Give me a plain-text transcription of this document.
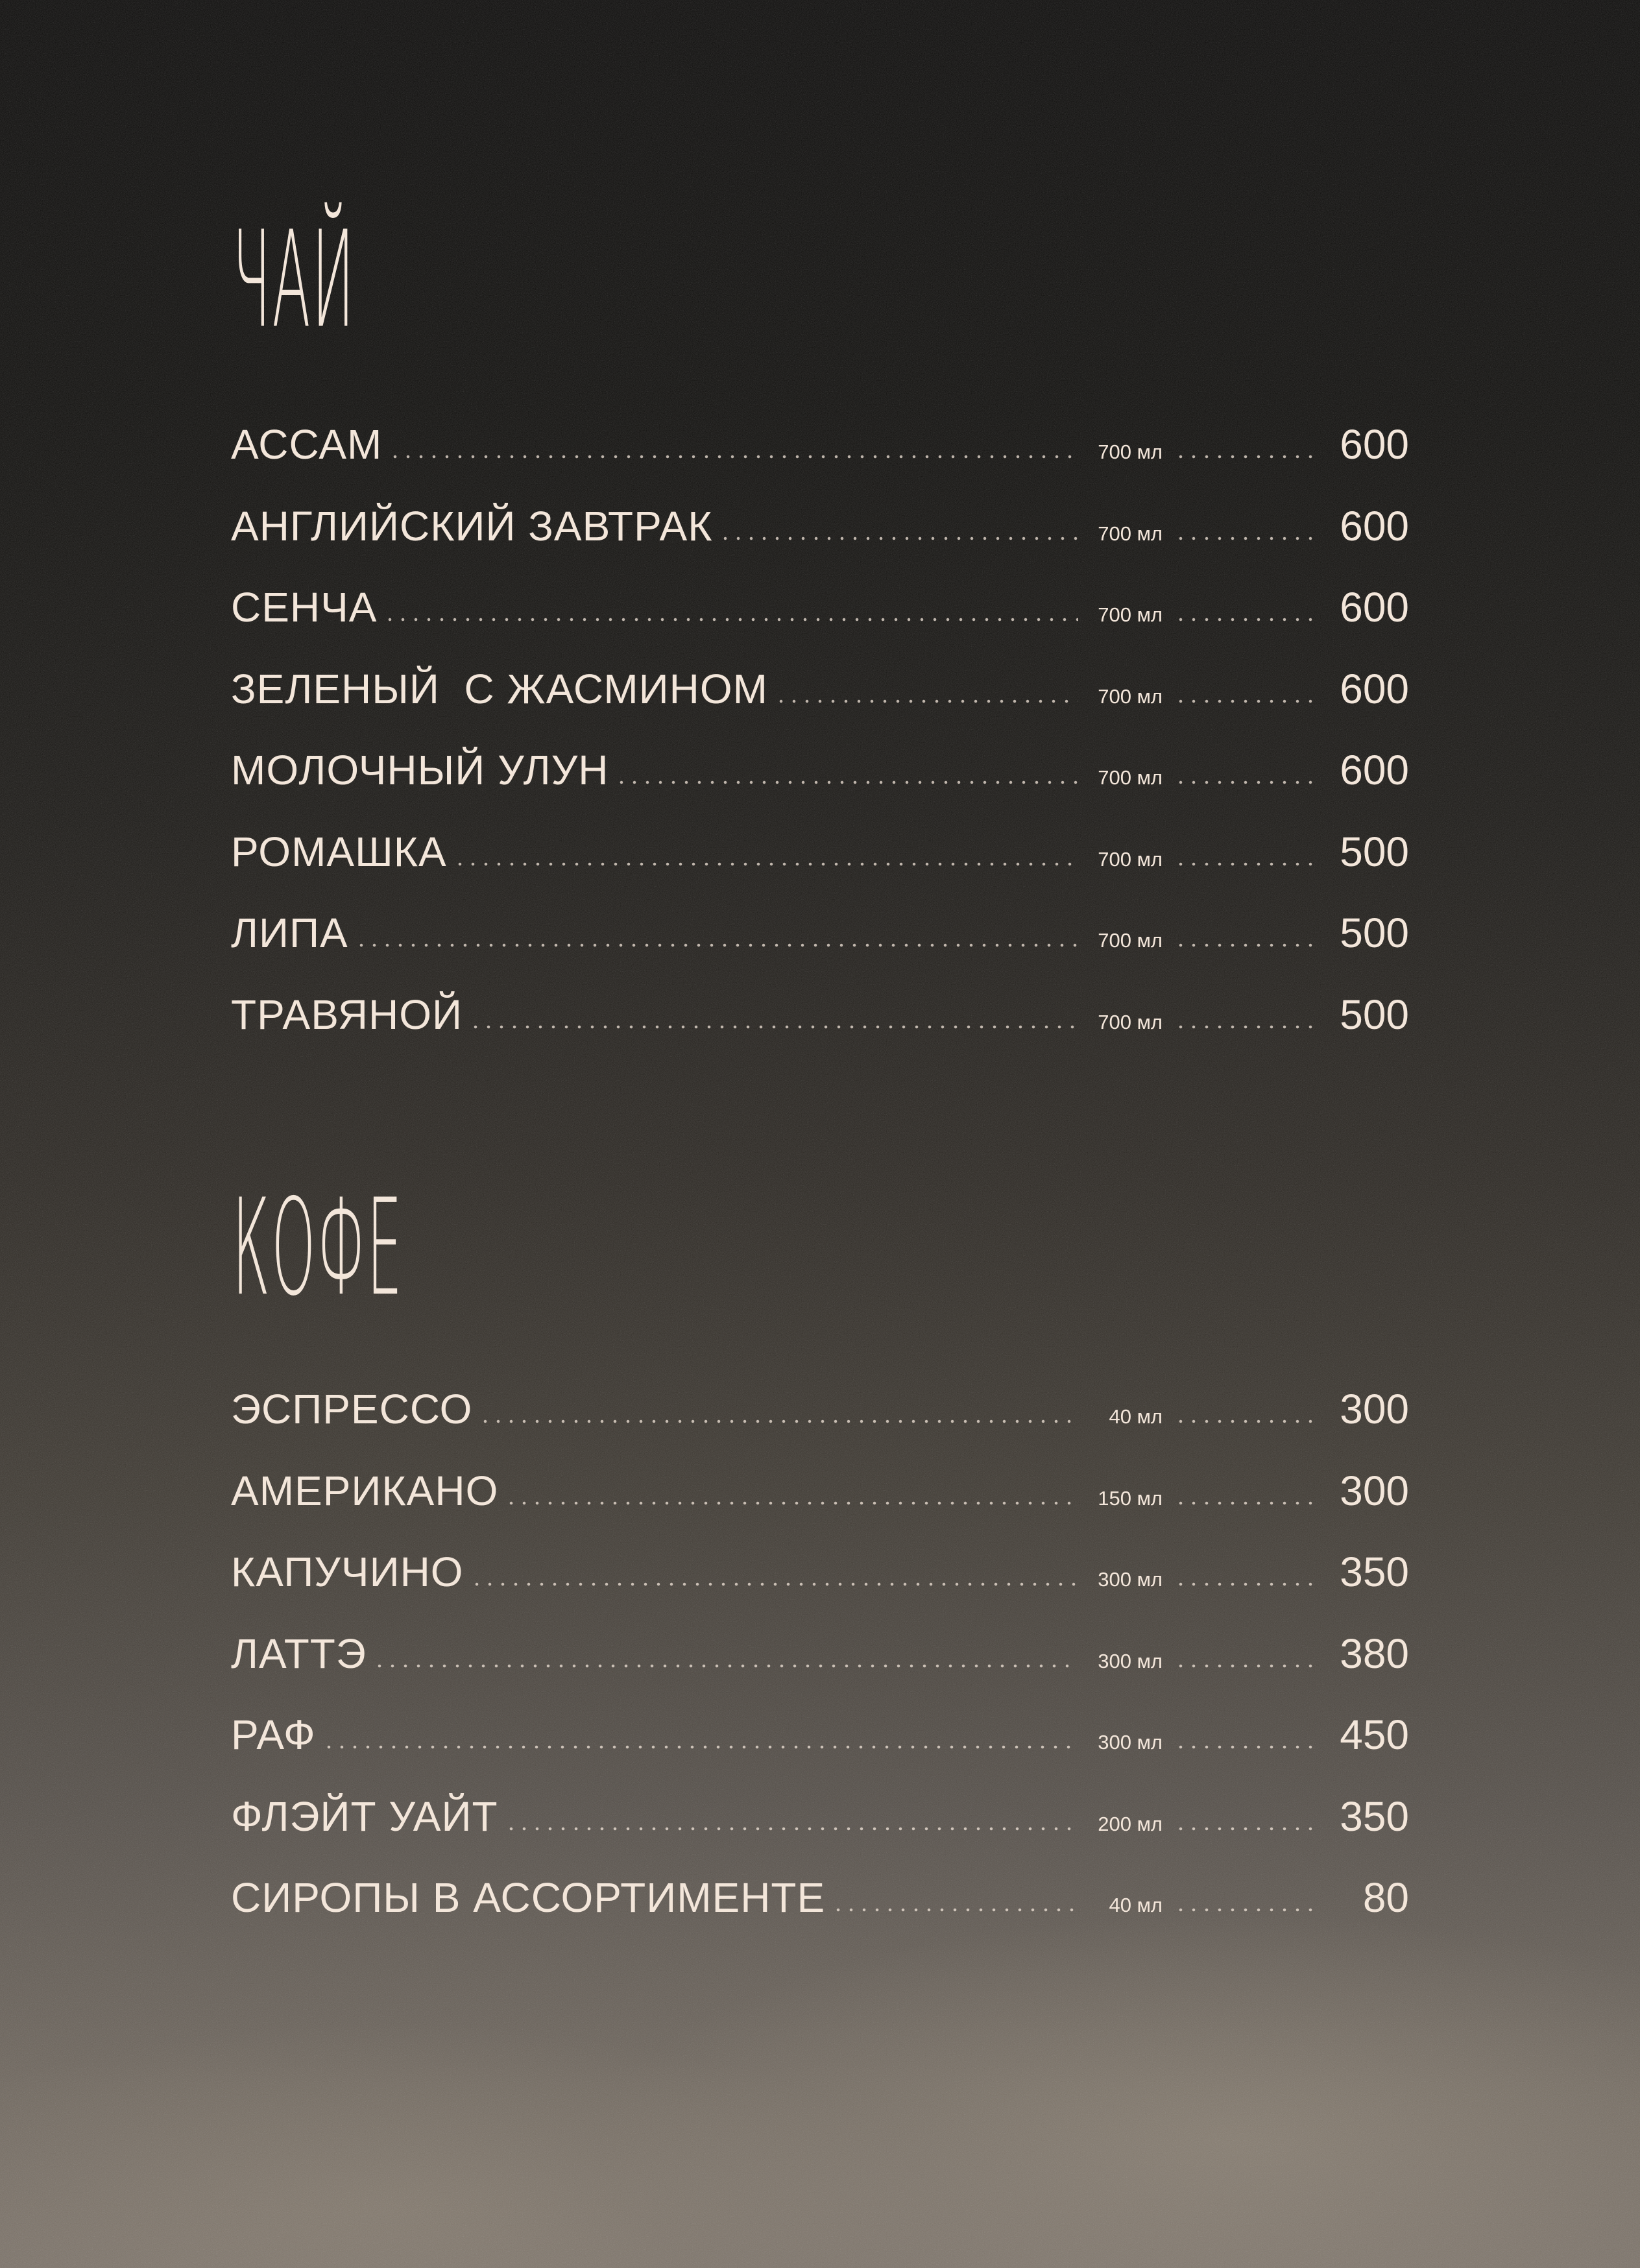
ЧАЙ
АССАМ	700 мл	600
АНГЛИЙСКИЙ ЗАВТРАК	700 мл	600
СЕНЧА	700 мл	600
ЗЕЛЕНЫЙ  С ЖАСМИНОМ	700 мл	600
МОЛОЧНЫЙ УЛУН	700 мл	600
РОМАШКА	700 мл	500
ЛИПА	700 мл	500
ТРАВЯНОЙ	700 мл	500
КОФЕ
ЭСПРЕССО	40 мл	300
АМЕРИКАНО	150 мл	300
КАПУЧИНО	300 мл	350
ЛАТТЭ	300 мл	380
РАФ	300 мл	450
ФЛЭЙТ УАЙТ	200 мл	350
СИРОПЫ В АССОРТИМЕНТЕ	40 мл	80
